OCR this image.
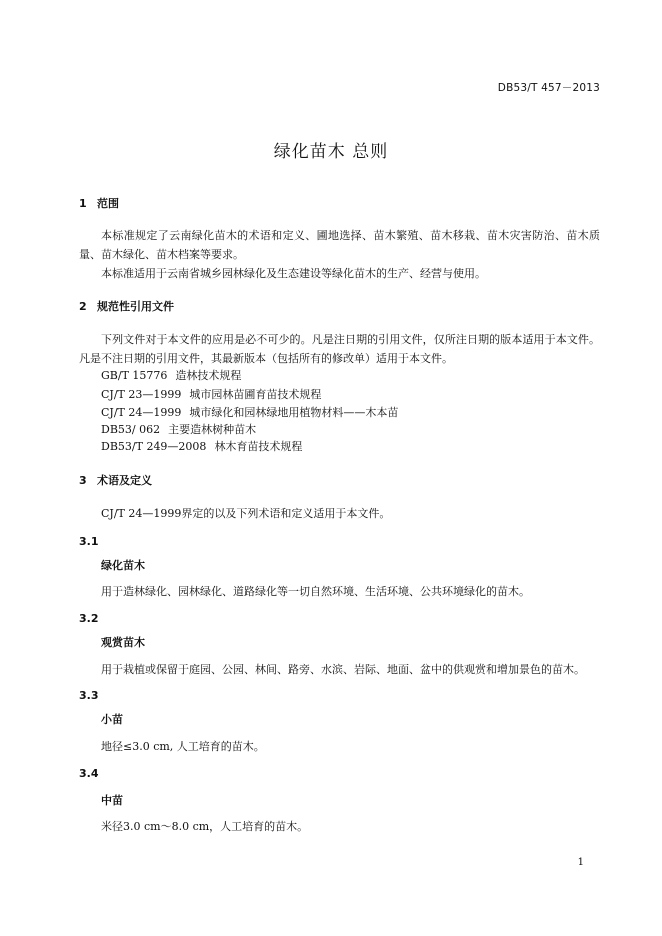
DB53/T 457－2013
绿化苗木 总则
1 范围
本标准规定了云南绿化苗木的术语和定义、圃地选择、苗木繁殖、苗木移栽、苗木灾害防治、苗木质量、苗木绿化、苗木档案等要求。
本标准适用于云南省城乡园林绿化及生态建设等绿化苗木的生产、经营与使用。
2 规范性引用文件
下列文件对于本文件的应用是必不可少的。凡是注日期的引用文件，仅所注日期的版本适用于本文件。凡是不注日期的引用文件，其最新版本（包括所有的修改单）适用于本文件。
GB/T 15776 造林技术规程
CJ/T 23—1999 城市园林苗圃育苗技术规程
CJ/T 24—1999 城市绿化和园林绿地用植物材料——木本苗
DB53/ 062 主要造林树种苗木
DB53/T 249—2008 林木育苗技术规程
3 术语及定义
CJ/T 24—1999界定的以及下列术语和定义适用于本文件。
3.1
绿化苗木
用于造林绿化、园林绿化、道路绿化等一切自然环境、生活环境、公共环境绿化的苗木。
3.2
观赏苗木
用于栽植或保留于庭园、公园、林间、路旁、水滨、岩际、地面、盆中的供观赏和增加景色的苗木。
3.3
小苗
地径≤3.0 cm, 人工培育的苗木。
3.4
中苗
米径3.0 cm～8.0 cm，人工培育的苗木。
1
